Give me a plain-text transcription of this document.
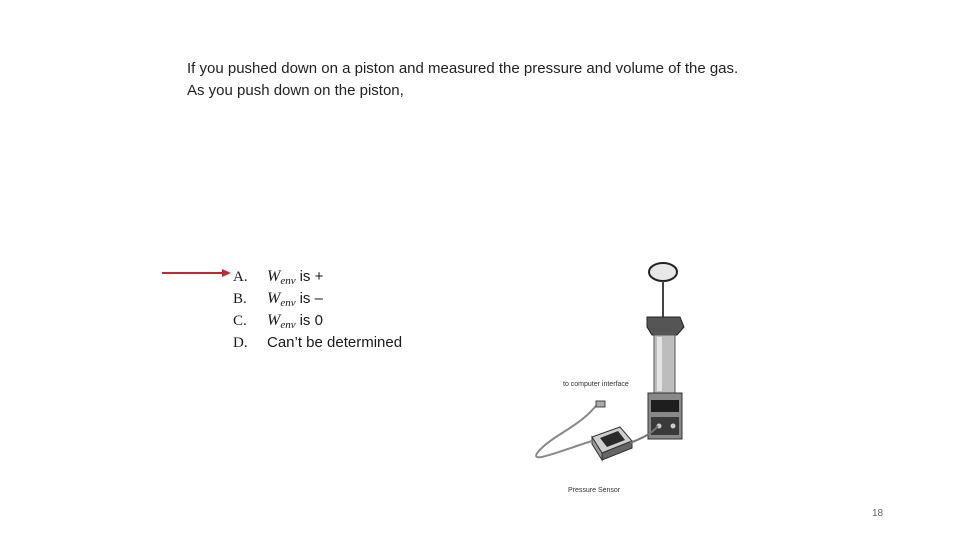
If you pushed down on a piston and measured the pressure and volume of the gas.

As you push down on the piston,

A.	W env is +
B.	W env is –
C.	W env is 0
D.	Can’t be determined
to computer interface
Pressure Sensor
18
